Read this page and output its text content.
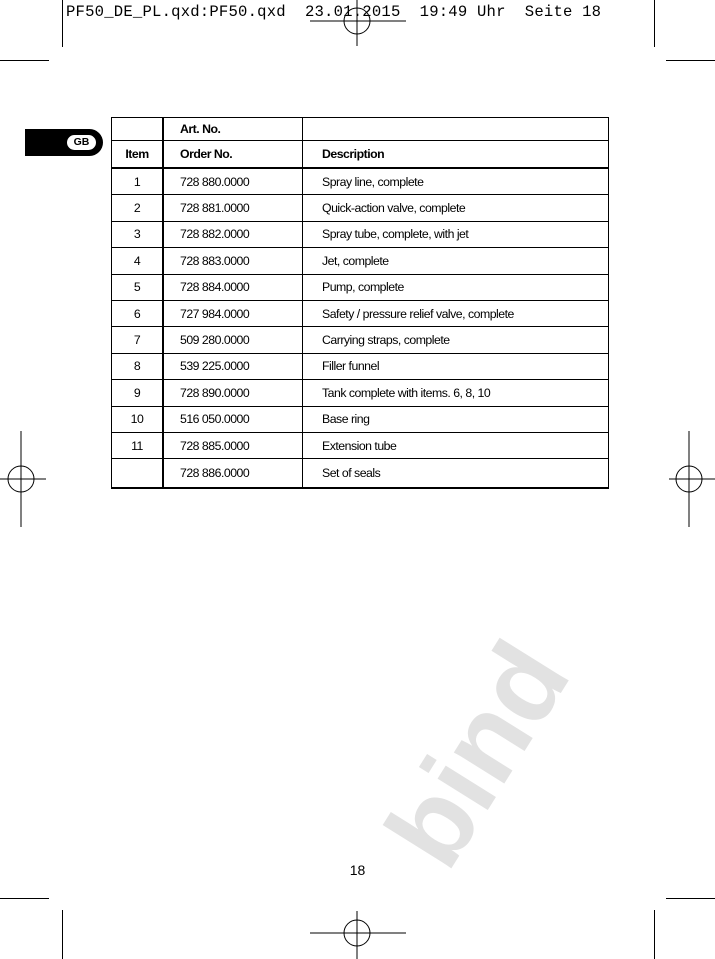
PF50_DE_PL.qxd:PF50.qxd  23.01.2015  19:49 Uhr  Seite 18
GB
	Art. No.	
Item	Order No.	Description
1	728 880.0000	Spray line, complete
2	728 881.0000	Quick-action valve, complete
3	728 882.0000	Spray tube, complete, with jet
4	728 883.0000	Jet, complete
5	728 884.0000	Pump, complete
6	727 984.0000	Safety / pressure relief valve, complete
7	509 280.0000	Carrying straps, complete
8	539 225.0000	Filler funnel
9	728 890.0000	Tank complete with items. 6, 8, 10
10	516 050.0000	Base ring
11	728 885.0000	Extension tube
	728 886.0000	Set of seals
bind
18
